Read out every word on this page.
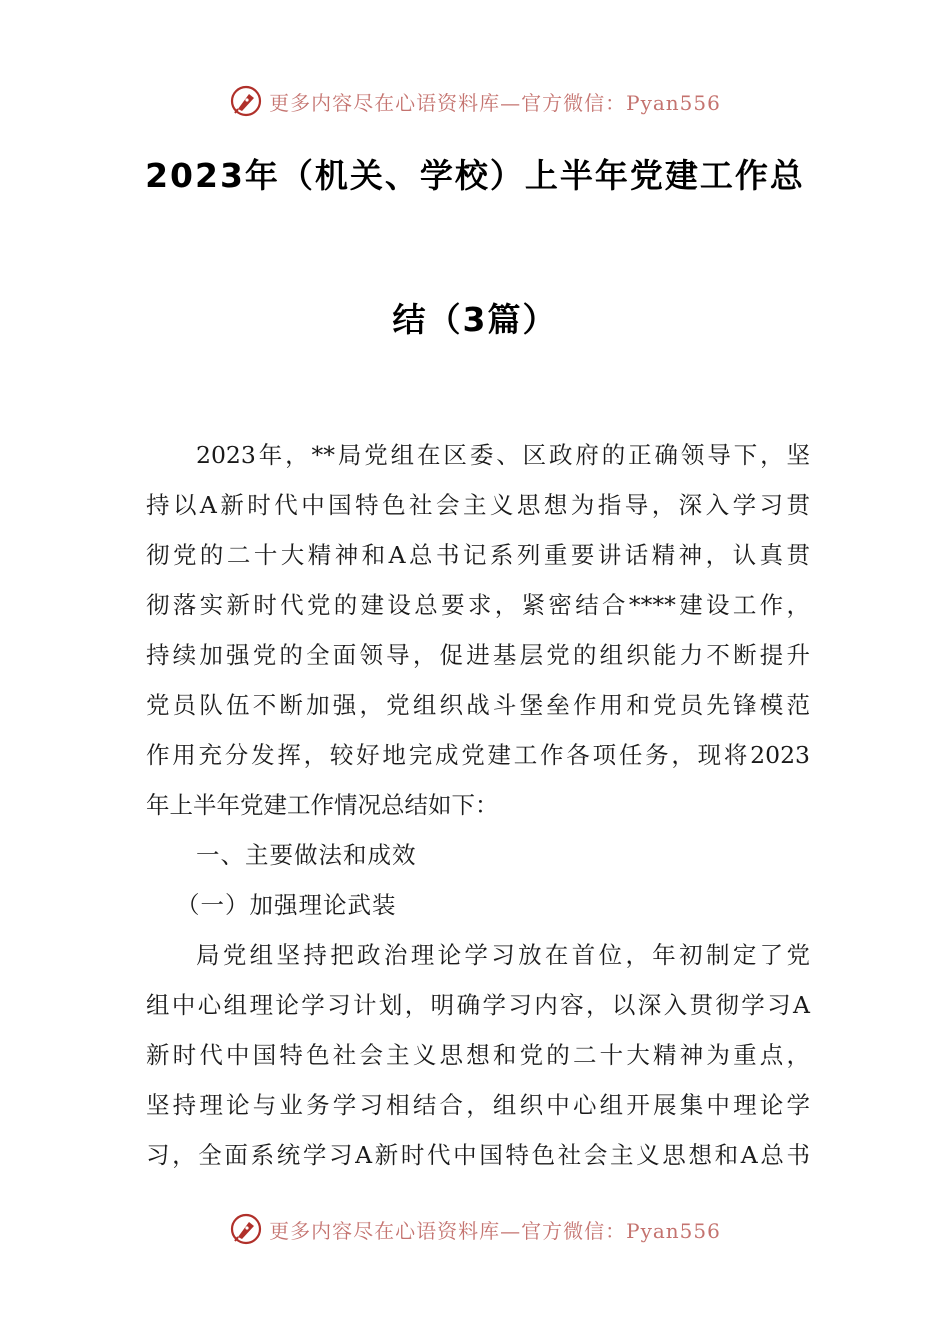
更多内容尽在心语资料库—官方微信：Pyan556
2023年（机关、学校）上半年党建工作总
结（3篇）
2023年，**局党组在区委、区政府的正确领导下，坚
持以A新时代中国特色社会主义思想为指导，深入学习贯
彻党的二十大精神和A总书记系列重要讲话精神，认真贯
彻落实新时代党的建设总要求，紧密结合****建设工作，
持续加强党的全面领导，促进基层党的组织能力不断提升
党员队伍不断加强，党组织战斗堡垒作用和党员先锋模范
作用充分发挥，较好地完成党建工作各项任务，现将2023
年上半年党建工作情况总结如下：
一、主要做法和成效
（一）加强理论武装
局党组坚持把政治理论学习放在首位，年初制定了党
组中心组理论学习计划，明确学习内容，以深入贯彻学习A
新时代中国特色社会主义思想和党的二十大精神为重点，
坚持理论与业务学习相结合，组织中心组开展集中理论学
习，全面系统学习A新时代中国特色社会主义思想和A总书
更多内容尽在心语资料库—官方微信：Pyan556
